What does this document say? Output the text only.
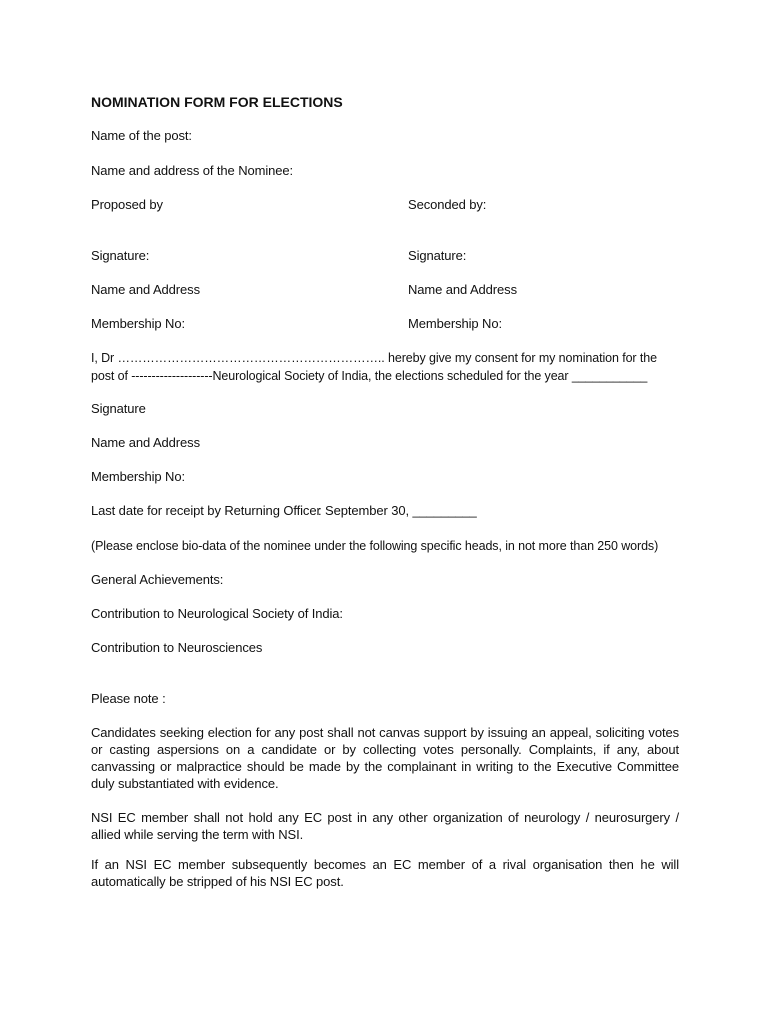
NOMINATION FORM FOR ELECTIONS
Name of the post:
Name and address of the Nominee:
Proposed by	Seconded by:
Signature:	Signature:
Name and Address	Name and Address
Membership No:	Membership No:
I, Dr ……………………………………………………….. hereby give my consent for my nomination for the
post of --------------------Neurological Society of India, the elections scheduled for the year ___________
Signature
Name and Address
Membership No:
Last date for receipt by Returning Officer
: September 30, _________
(Please enclose bio-data of the nominee under the following specific heads, in not more than 250 words)
General Achievements:
Contribution to Neurological Society of India:
Contribution to Neurosciences
Please note :
Candidates seeking election for any post shall not canvas support by issuing an appeal, soliciting votes or casting aspersions on a candidate or by collecting votes personally. Complaints, if any, about canvassing or malpractice should be made by the complainant in writing to the Executive Committee duly substantiated with evidence.
NSI EC member shall not hold any EC post in any other organization of neurology / neurosurgery / allied while serving the term with NSI.
If an NSI EC member subsequently becomes an EC member of a rival organisation then he will automatically be stripped of his NSI EC post.
